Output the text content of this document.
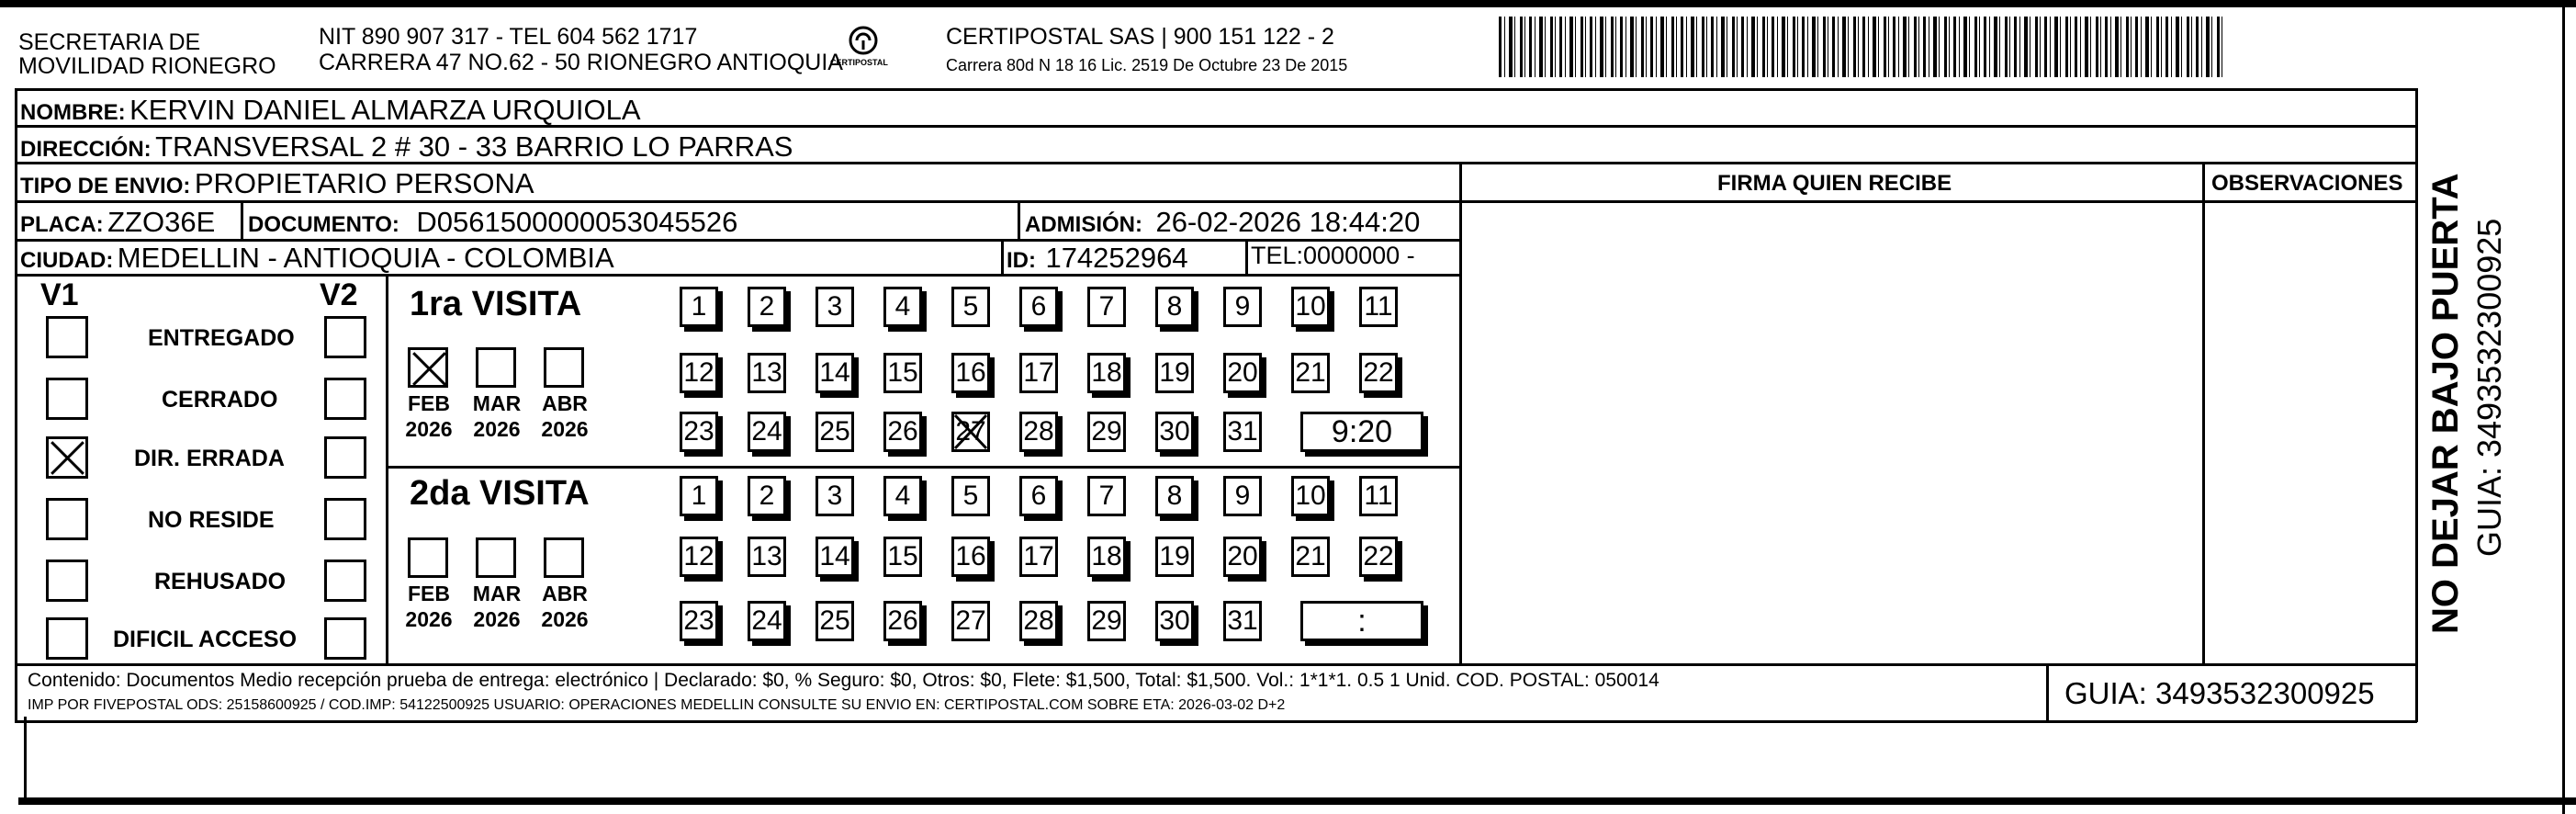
SECRETARIA DE
MOVILIDAD RIONEGRO
NIT 890 907 317 - TEL 604 562 1717
CARRERA 47 NO.62 - 50 RIONEGRO ANTIOQUIA
CERTIPOSTAL
CERTIPOSTAL SAS | 900 151 122 - 2
Carrera 80d N 18 16 Lic. 2519 De Octubre 23 De 2015
NOMBRE: KERVIN DANIEL ALMARZA URQUIOLA
DIRECCIÓN: TRANSVERSAL 2 # 30 - 33 BARRIO LO PARRAS
TIPO DE ENVIO: PROPIETARIO PERSONA	FIRMA QUIEN RECIBE	OBSERVACIONES
PLACA: ZZO36E DOCUMENTO: D0561500000053045526	ADMISIÓN: 26-02-2026 18:44:20
CIUDAD: MEDELLIN - ANTIOQUIA - COLOMBIA	ID: 174252964	TEL:0000000 -
V1	V2
ENTREGADO
CERRADO
DIR. ERRADA
NO RESIDE
REHUSADO
DIFICIL ACCESO
1ra VISITA
2da VISITA
FEB
2026
MAR
2026
ABR
2026
FEB
2026
MAR
2026
ABR
2026
1	2	3	4	5	6	7	8	9	10 11
12 13 14 15 16 17 18 19 20 21 22
23 24 25 26 27 28 29 30 31	9:20
1	2	3	4	5	6	7	8	9	10 11
12 13 14 15 16 17 18 19 20 21 22
23 24 25 26 27 28 29 30 31	:
Contenido: Documentos Medio recepción prueba de entrega: electrónico | Declarado: $0, % Seguro: $0, Otros: $0, Flete: $1,500, Total: $1,500. Vol.: 1*1*1. 0.5 1 Unid. COD. POSTAL: 050014
IMP POR FIVEPOSTAL ODS: 25158600925 / COD.IMP: 54122500925 USUARIO: OPERACIONES MEDELLIN CONSULTE SU ENVIO EN: CERTIPOSTAL.COM SOBRE ETA: 2026-03-02 D+2	GUIA: 3493532300925
NO DEJAR BAJO PUERTA GUIA: 3493532300925
